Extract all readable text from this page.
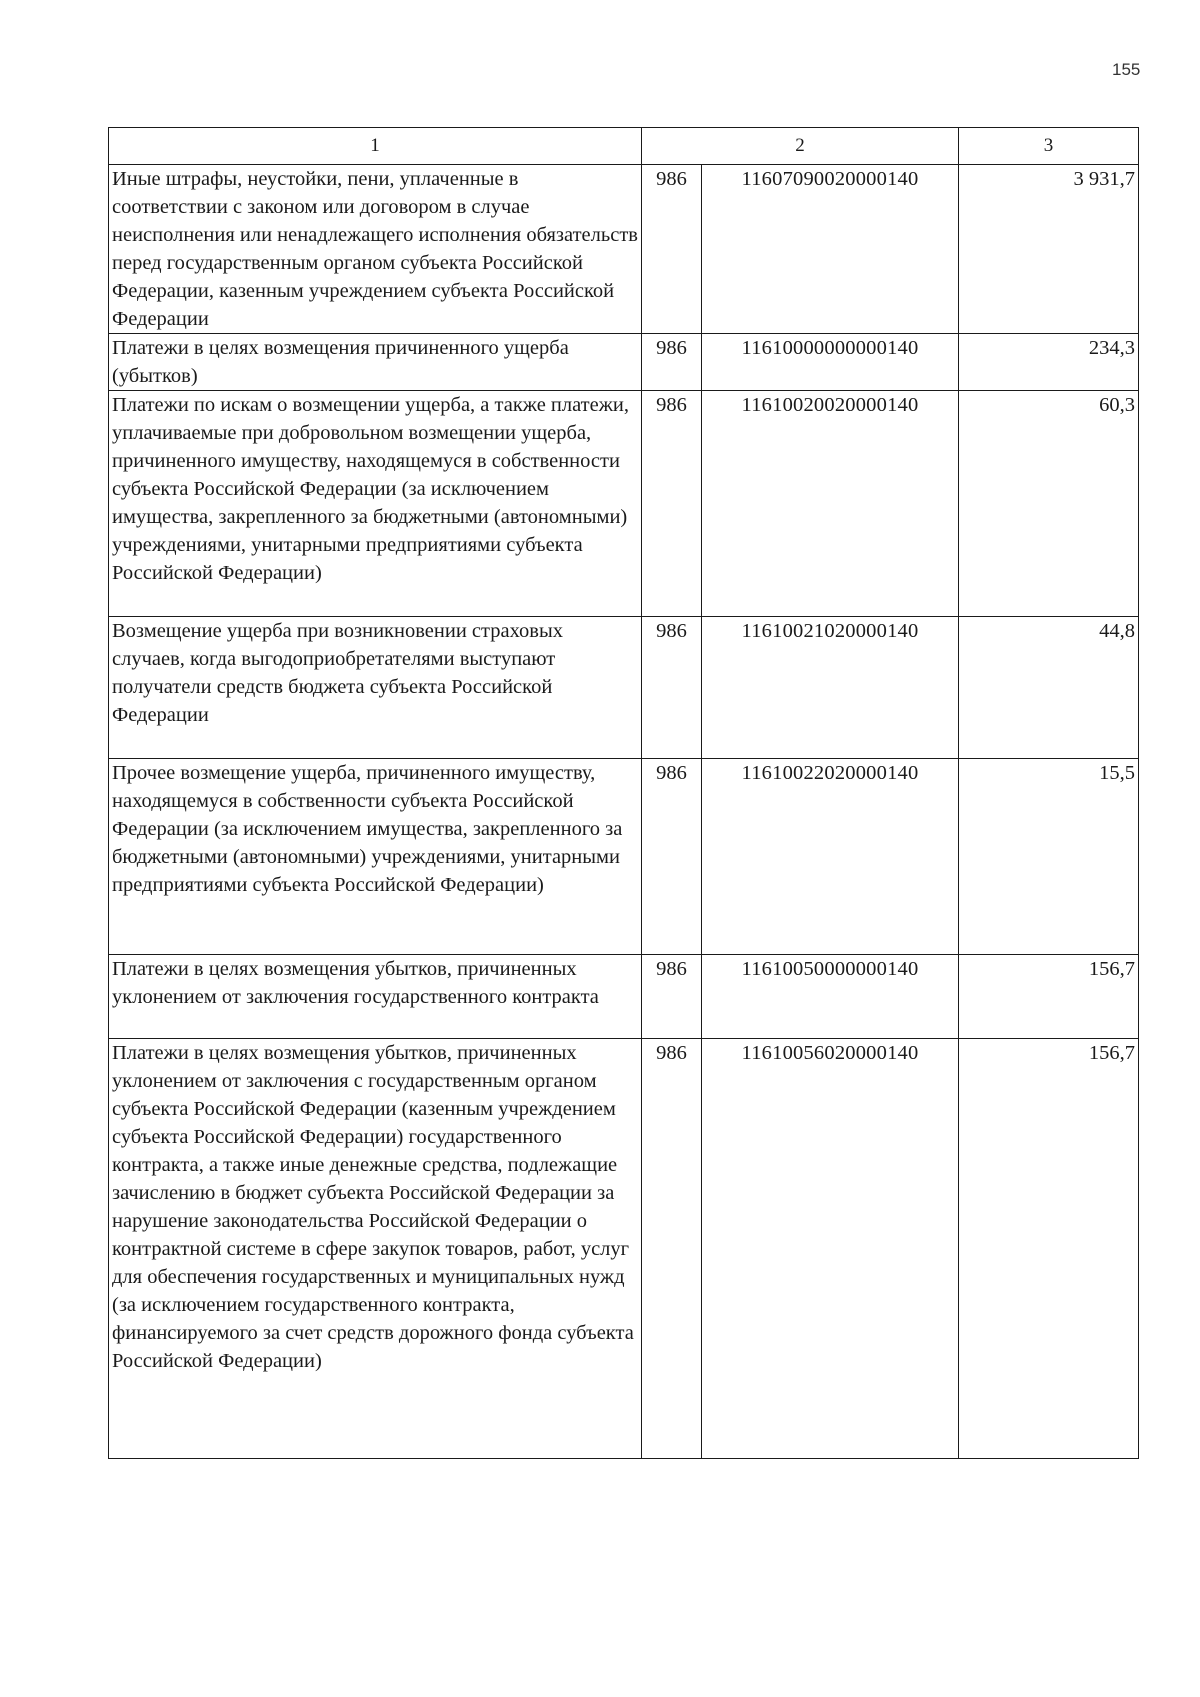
155
1	2		3
Иные штрафы, неустойки, пени, уплаченные в соответствии с законом или договором в случае неисполнения или ненадлежащего исполнения обязательств перед государственным органом субъекта Российской Федерации, казенным учреждением субъекта Российской Федерации	986	11607090020000140	3 931,7
Платежи в целях возмещения причиненного ущерба (убытков)	986	11610000000000140	234,3
Платежи по искам о возмещении ущерба, а также платежи, уплачиваемые при добровольном возмещении ущерба, причиненного имуществу, находящемуся в собственности субъекта Российской Федерации (за исключением имущества, закрепленного за бюджетными (автономными) учреждениями, унитарными предприятиями субъекта Российской Федерации)	986	11610020020000140	60,3
Возмещение ущерба при возникновении страховых случаев, когда выгодоприобретателями выступают получатели средств бюджета субъекта Российской Федерации	986	11610021020000140	44,8
Прочее возмещение ущерба, причиненного имуществу, находящемуся в собственности субъекта Российской Федерации (за исключением имущества, закрепленного за бюджетными (автономными) учреждениями, унитарными предприятиями субъекта Российской Федерации)	986	11610022020000140	15,5
Платежи в целях возмещения убытков, причиненных уклонением от заключения государственного контракта	986	11610050000000140	156,7
Платежи в целях возмещения убытков, причиненных уклонением от заключения с государственным органом субъекта Российской Федерации (казенным учреждением субъекта Российской Федерации) государственного контракта, а также иные денежные средства, подлежащие зачислению в бюджет субъекта Российской Федерации за нарушение законодательства Российской Федерации о контрактной системе в сфере закупок товаров, работ, услуг для обеспечения государственных и муниципальных нужд (за исключением государственного контракта, финансируемого за счет средств дорожного фонда субъекта Российской Федерации)	986	11610056020000140	156,7
